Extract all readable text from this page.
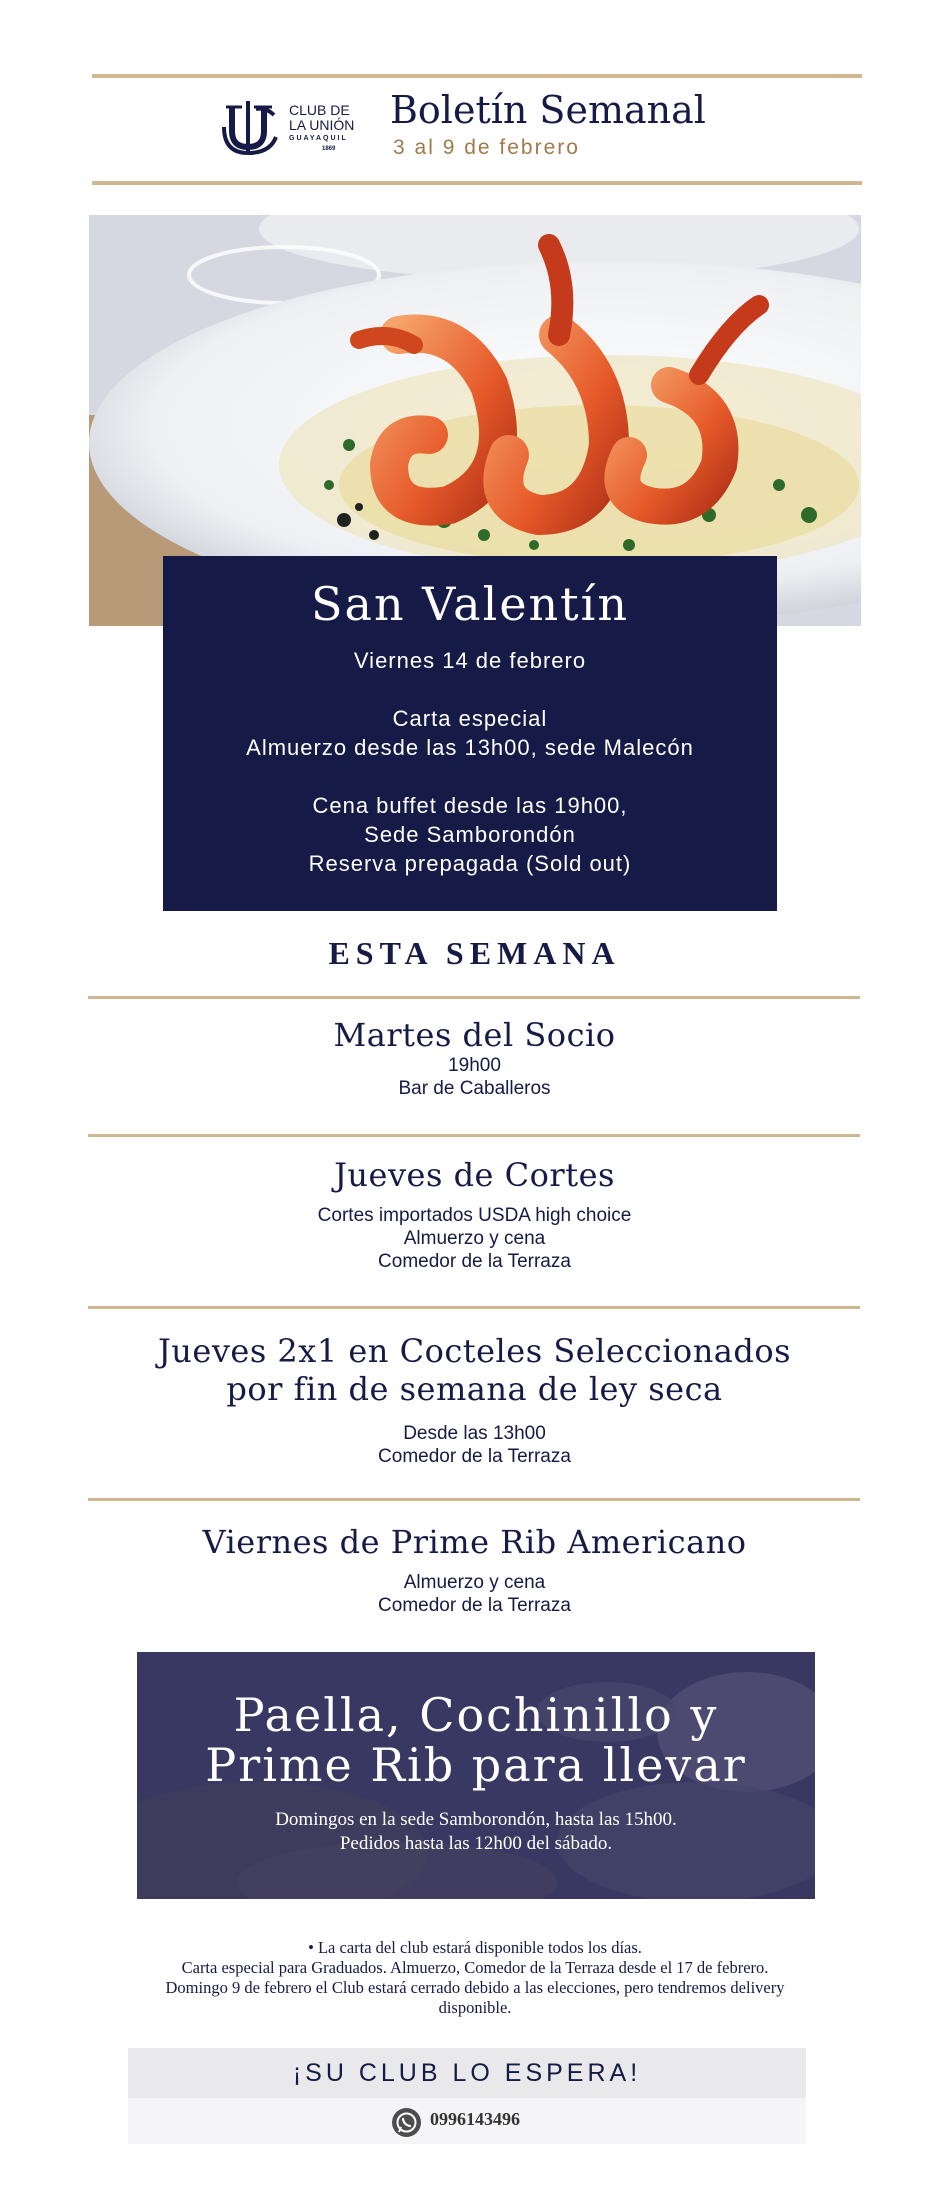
CLUB DE
LA UNIÓN
GUAYAQUIL
1869
Boletín Semanal
3 al 9 de febrero
San Valentín
Viernes 14 de febrero
Carta especial
Almuerzo desde las 13h00, sede Malecón
Cena buffet desde las 19h00,
Sede Samborondón
Reserva prepagada (Sold out)
ESTA SEMANA
Martes del Socio
19h00
Bar de Caballeros
Jueves de Cortes
Cortes importados USDA high choice
Almuerzo y cena
Comedor de la Terraza
Jueves 2x1 en Cocteles Seleccionados
por fin de semana de ley seca
Desde las 13h00
Comedor de la Terraza
Viernes de Prime Rib Americano
Almuerzo y cena
Comedor de la Terraza
Paella, Cochinillo y
Prime Rib para llevar
Domingos en la sede Samborondón, hasta las 15h00. Pedidos hasta las 12h00 del sábado.
• La carta del club estará disponible todos los días.
Carta especial para Graduados. Almuerzo, Comedor de la Terraza desde el 17 de febrero. Domingo 9 de febrero el Club estará cerrado debido a las elecciones, pero tendremos delivery disponible.
¡SU CLUB LO ESPERA!
0996143496
